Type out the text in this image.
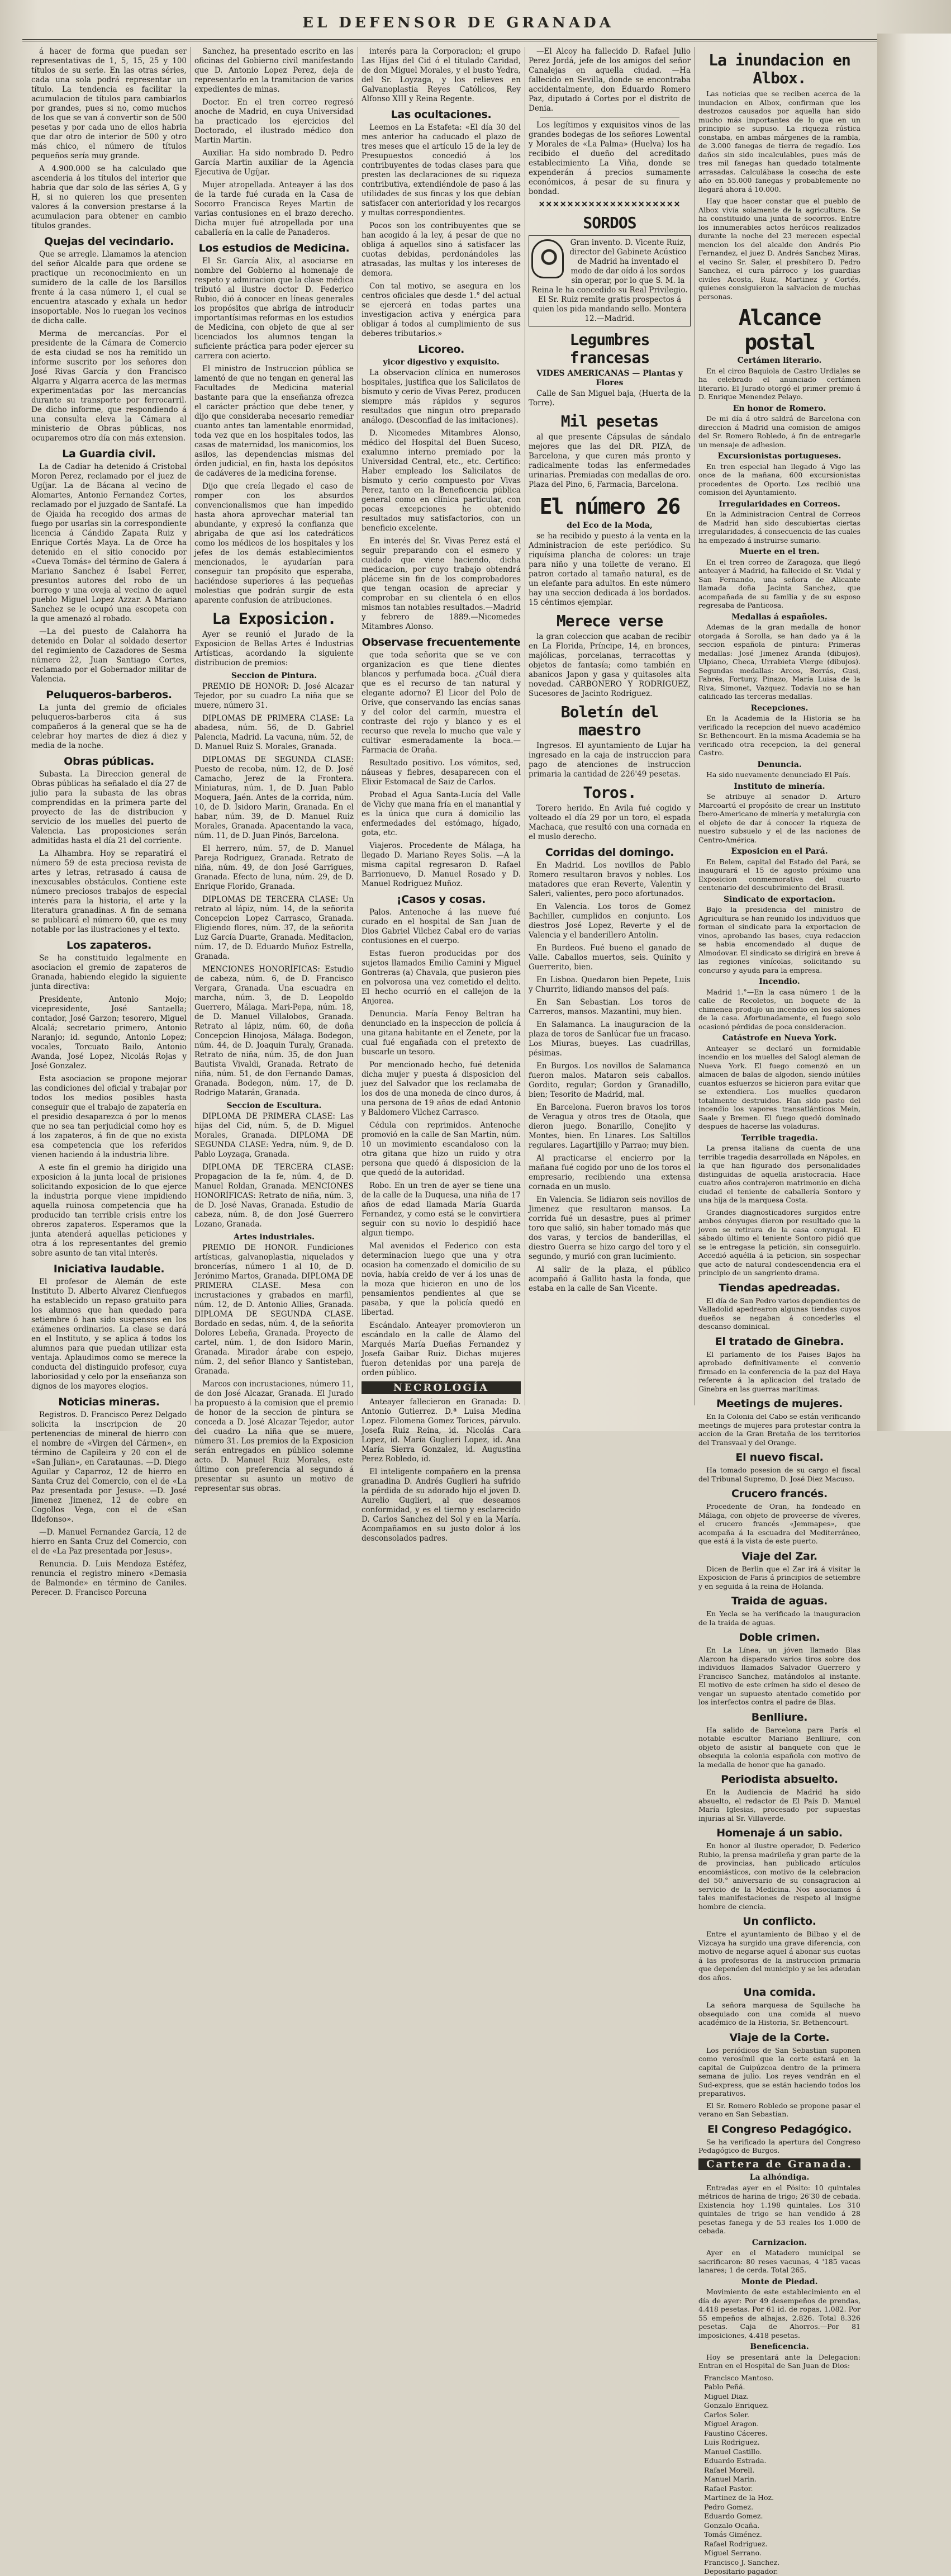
EL DEFENSOR DE GRANADA

á hacer de forma que puedan ser representativas de 1, 5, 15, 25 y 100 títulos de su serie. En las otras séries, cada una sola podrá representar un título. La tendencia es facilitar la acumulacion de títulos para cambiarlos por grandes, pues si no, como muchos de los que se van á convertir son de 500 pesetas y por cada uno de ellos habria que dar otro de interior de 500 y otro más chico, el número de títulos pequeños sería muy grande.

A 4.900.000 se ha calculado que ascenderia á los títulos del interior que habria que dar solo de las séries A, G y H, si no quieren los que presenten valores á la conversion prestarse á la acumulacion para obtener en cambio títulos grandes.

Quejas del vecindario.

Que se arregle. Llamamos la atencion del señor Alcalde para que ordene se practique un reconocimiento en un sumidero de la calle de los Barsillos frente á la casa número 1, el cual se encuentra atascado y exhala un hedor insoportable. Nos lo ruegan los vecinos de dicha calle.

Merma de mercancías. Por el presidente de la Cámara de Comercio de esta ciudad se nos ha remitido un informe suscrito por los señores don José Rivas García y don Francisco Algarra y Algarra acerca de las mermas experimentadas por las mercancías durante su transporte por ferrocarril. De dicho informe, que respondiendo á una consulta eleva la Cámara al ministerio de Obras públicas, nos ocuparemos otro día con más extension.

La Guardia civil.

La de Cadiar ha detenido á Cristobal Moron Perez, reclamado por el juez de Ugíjar. La de Bácana al vecino de Alomartes, Antonio Fernandez Cortes, reclamado por el juzgado de Santafé. La de Ojaida ha recogido dos armas de fuego por usarlas sin la correspondiente licencia á Cándido Zapata Ruiz y Enrique Cortés Maya. La de Orce ha detenido en el sitio conocido por «Cueva Tomás» del término de Galera á Mariano Sanchez é Isabel Ferrer, presuntos autores del robo de un borrego y una oveja al vecino de aquel pueblo Miguel Lopez Azzar. A Mariano Sanchez se le ocupó una escopeta con la que amenazó al robado.

—La del puesto de Calahorra ha detenido en Dolar al soldado desertor del regimiento de Cazadores de Sesma número 22, Juan Santiago Cortes, reclamado por el Gobernador militar de Valencia.

Peluqueros-barberos.

La junta del gremio de oficiales peluqueros-barberos cita á sus compañeros á la general que se ha de celebrar hoy martes de diez á diez y media de la noche.

Obras públicas.

Subasta. La Direccion general de Obras públicas ha señalado el día 27 de julio para la subasta de las obras comprendidas en la primera parte del proyecto de las de distribucion y servicio de los muelles del puerto de Valencia. Las proposiciones serán admitidas hasta el día 21 del corriente.

La Alhambra. Hoy se reparatirá el número 59 de esta preciosa revista de artes y letras, retrasado á causa de inexcusables obstáculos. Contiene este número preciosos trabajos de especial interés para la historia, el arte y la literatura granadinas. A fin de semana se publicará el número 60, que es muy notable por las ilustraciones y el texto.

Los zapateros.

Se ha constituido legalmente en asociacion el gremio de zapateros de Granada, habiendo elegido la siguiente junta directiva:

Presidente, Antonio Mojo; vicepresidente, José Santaella; contador, José Garzon; tesorero, Miguel Alcalá; secretario primero, Antonio Naranjo; id. segundo, Antonio Lopez; vocales, Torcuato Bailo, Antonio Avanda, José Lopez, Nicolás Rojas y José Gonzalez.

Esta asociacion se propone mejorar las condiciones del oficial y trabajar por todos los medios posibles hasta conseguir que el trabajo de zapatería en el presidio desaparezca ó por lo menos que no sea tan perjudicial como hoy es á los zapateros, á fin de que no exista esa competencia que los referidos vienen haciendo á la industria libre.

A este fin el gremio ha dirigido una exposicion á la junta local de prisiones solicitando exposicion de lo que ejerce la industria porque viene impidiendo aquella ruinosa competencia que ha producido tan terrible crisis entre los obreros zapateros. Esperamos que la junta atenderá aquellas peticiones y otra á los representantes del gremio sobre asunto de tan vital interés.

Iniciativa laudable.

El profesor de Alemán de este Instituto D. Alberto Alvarez Cienfuegos ha establecido un repaso gratuito para los alumnos que han quedado para setiembre ó han sido suspensos en los exámenes ordinarios. La clase se dará en el Instituto, y se aplica á todos los alumnos para que puedan utilizar esta ventaja. Aplaudimos como se merece la conducta del distinguido profesor, cuya laboriosidad y celo por la enseñanza son dignos de los mayores elogios.

Noticias mineras.

Registros. D. Francisco Perez Delgado solicita la inscripcion de 20 pertenencias de mineral de hierro con el nombre de «Virgen del Cármen», en término de Capileira y 20 con el de «San Julian», en Carataunas. —D. Diego Aguilar y Caparroz, 12 de hierro en Santa Cruz del Comercio, con el de «La Paz presentada por Jesus». —D. José Jimenez Jimenez, 12 de cobre en Cogollos Vega, con el de «San Ildefonso».

—D. Manuel Fernandez García, 12 de hierro en Santa Cruz del Comercio, con el de «La Paz presentada por Jesus».

Renuncia. D. Luis Mendoza Estéfez, renuncia el registro minero «Demasia de Balmonde» en término de Caniles. Perecer. D. Francisco Porcuna

Sanchez, ha presentado escrito en las oficinas del Gobierno civil manifestando que D. Antonio Lopez Perez, deja de representarlo en la tramitacion de varios expedientes de minas.

Doctor. En el tren correo regresó anoche de Madrid, en cuya Universidad ha practicado los ejercicios del Doctorado, el ilustrado médico don Martin Martin.

Auxiliar. Ha sido nombrado D. Pedro García Martin auxiliar de la Agencia Ejecutiva de Ugíjar.

Mujer atropellada. Anteayer á las dos de la tarde fué curada en la Casa de Socorro Francisca Reyes Martin de varias contusiones en el brazo derecho. Dicha mujer fué atropellada por una caballería en la calle de Panaderos.

Los estudios de Medicina.

El Sr. García Alix, al asociarse en nombre del Gobierno al homenaje de respeto y admiracion que la clase médica tributó al ilustre doctor D. Federico Rubio, dió á conocer en líneas generales los propósitos que abriga de introducir importantísimas reformas en los estudios de Medicina, con objeto de que al ser licenciados los alumnos tengan la suficiente práctica para poder ejercer su carrera con acierto.

El ministro de Instruccion pública se lamentó de que no tengan en general las Facultades de Medicina material bastante para que la enseñanza ofrezca el carácter práctico que debe tener, y dijo que consideraba necesario remediar cuanto antes tan lamentable enormidad, toda vez que en los hospitales todos, las casas de maternidad, los manicomios, los asilos, las dependencias mismas del órden judicial, en fin, hasta los depósitos de cadáveres de la medicina forense.

Dijo que creía llegado el caso de romper con los absurdos convencionalismos que han impedido hasta ahora aprovechar material tan abundante, y expresó la confianza que abrigaba de que así los catedráticos como los médicos de los hospitales y los jefes de los demás establecimientos mencionados, le ayudarían para conseguir tan propósito que esperaba, haciéndose superiores á las pequeñas molestias que podrán surgir de esta aparente confusion de atribuciones.

La Exposicion.

Ayer se reunió el Jurado de la Exposicion de Bellas Artes é Industrias Artísticas, acordando la siguiente distribucion de premios:

Seccion de Pintura.

PREMIO DE HONOR: D. José Alcazar Tejedor, por su cuadro La niña que se muere, número 31.

DIPLOMAS DE PRIMERA CLASE: La abadesa, núm. 56, de D. Gabriel Palencia, Madrid. La vacuna, núm. 52, de D. Manuel Ruiz S. Morales, Granada.

DIPLOMAS DE SEGUNDA CLASE: Puesto de recoba, núm. 12, de D. José Camacho, Jerez de la Frontera. Miniaturas, núm. 1, de D. Juan Pablo Moquera, Jaén. Antes de la corrida, núm. 10, de D. Isidoro Marin, Granada. En el habar, núm. 39, de D. Manuel Ruiz Morales, Granada. Apacentando la vaca, núm. 11, de D. Juan Pinós, Barcelona.

El herrero, núm. 57, de D. Manuel Pareja Rodriguez, Granada. Retrato de niña, núm. 49, de don José Garrigues, Granada. Efecto de luna, núm. 29, de D. Enrique Florido, Granada.

DIPLOMAS DE TERCERA CLASE: Un retrato al lápiz, núm. 14, de la señorita Concepcion Lopez Carrasco, Granada. Eligiendo flores, núm. 37, de la señorita Luz García Duarte, Granada. Meditacion, núm. 17, de D. Eduardo Muñoz Estrella, Granada.

MENCIONES HONORÍFICAS: Estudio de cabeza, núm. 6, de D. Francisco Vergara, Granada. Una escuadra en marcha, núm. 3, de D. Leopoldo Guerrero, Málaga. Mari-Pepa, núm. 18, de D. Manuel Villalobos, Granada. Retrato al lápiz, núm. 60, de doña Concepcion Hinojosa, Málaga. Bodegon, núm. 44, de D. Joaquin Turaly, Granada. Retrato de niña, núm. 35, de don Juan Bautista Vivaldi, Granada. Retrato de niña, núm. 51, de don Fernando Damas, Granada. Bodegon, núm. 17, de D. Rodrigo Matarán, Granada.

Seccion de Escultura.

DIPLOMA DE PRIMERA CLASE: Las hijas del Cid, núm. 5, de D. Miguel Morales, Granada. DIPLOMA DE SEGUNDA CLASE: Yedra, núm. 9, de D. Pablo Loyzaga, Granada.

DIPLOMA DE TERCERA CLASE: Propagacion de la fe, núm. 4, de D. Manuel Roldan, Granada. MENCIONES HONORÍFICAS: Retrato de niña, núm. 3, de D. José Navas, Granada. Estudio de cabeza, núm. 8, de don José Guerrero Lozano, Granada.

Artes industriales.

PREMIO DE HONOR. Fundiciones artísticas, galvanoplastia, niquelados y broncerías, número 1 al 10, de D. Jerónimo Martos, Granada. DIPLOMA DE PRIMERA CLASE. Mesa con incrustaciones y grabados en marfil, núm. 12, de D. Antonio Allies, Granada. DIPLOMA DE SEGUNDA CLASE. Bordado en sedas, núm. 4, de la señorita Dolores Lebeña, Granada. Proyecto de cartel, núm. 1, de don Isidoro Marin, Granada. Mirador árabe con espejo, núm. 2, del señor Blanco y Santisteban, Granada.

Marcos con incrustaciones, número 11, de don José Alcazar, Granada. El Jurado ha propuesto á la comision que el premio de honor de la seccion de pintura se conceda a D. José Alcazar Tejedor, autor del cuadro La niña que se muere, número 31. Los premios de la Exposicion serán entregados en público solemne acto. D. Manuel Ruiz Morales, este último con preferencia al segundo á presentar su asunto un motivo de representar sus obras.

interés para la Corporacion; el grupo Las Hijas del Cid ó el titulado Caridad, de don Miguel Morales, y el busto Yedra, del Sr. Loyzaga, y los relieves en Galvanoplastia Reyes Católicos, Rey Alfonso XIII y Reina Regente.

Las ocultaciones.

Leemos en La Estafeta: «El día 30 del mes anterior ha caducado el plazo de tres meses que el artículo 15 de la ley de Presupuestos concedió á los contribuyentes de todas clases para que presten las declaraciones de su riqueza contributiva, extendiéndole de paso á las utilidades de sus fincas y los que debían satisfacer con anterioridad y los recargos y multas correspondientes.

Pocos son los contribuyentes que se han acogido á la ley, á pesar de que no obliga á aquellos sino á satisfacer las cuotas debidas, perdonándoles las atrasadas, las multas y los intereses de demora.

Con tal motivo, se asegura en los centros oficiales que desde 1.° del actual se ejercerá en todas partes una investigacion activa y enérgica para obligar á todos al cumplimiento de sus deberes tributarios.»

Licoreo.
yicor digestivo y exquisito.

La observacion clínica en numerosos hospitales, justifica que los Salicilatos de bismuto y cerio de Vivas Perez, producen siempre más rápidos y seguros resultados que ningun otro preparado análogo. (Desconfíad de las imitaciones).

D. Nicomedes Mitambres Alonso, médico del Hospital del Buen Suceso, exalumno interno premiado por la Universidad Central, etc., etc. Certifico: Haber empleado los Salicilatos de bismuto y cerio compuesto por Vivas Perez, tanto en la Beneficencia pública general como en clínica particular, con pocas excepciones he obtenido resultados muy satisfactorios, con un beneficio excelente.

En interés del Sr. Vivas Perez está el seguir preparando con el esmero y cuidado que viene haciendo, dicha medicacion, por cuyo trabajo obtendrá pláceme sin fin de los comprobadores que tengan ocasion de apreciar y comprobar en su clientela ó en ellos mismos tan notables resultados.—Madrid y febrero de 1889.—Nicomedes Mitambres Alonso.

Observase frecuentemente

que toda señorita que se ve con organizacion es que tiene dientes blancos y perfumada boca. ¿Cuál diera que es el recurso de tan natural y elegante adorno? El Licor del Polo de Orive, que conservando las encías sanas y del color del carmín, muestra el contraste del rojo y blanco y es el recurso que revela lo mucho que vale y cultivar esmeradamente la boca.—Farmacia de Oraña.

Resultado positivo. Los vómitos, sed, náuseas y fiebres, desaparecen con el Elixir Estomacal de Saiz de Carlos.

Probad el Agua Santa-Lucía del Valle de Vichy que mana fría en el manantial y es la única que cura á domicilio las enfermedades del estómago, hígado, gota, etc.

Viajeros. Procedente de Málaga, ha llegado D. Mariano Reyes Solis. —A la misma capital regresaron D. Rafael Barrionuevo, D. Manuel Rosado y D. Manuel Rodriguez Muñoz.

¡Casos y cosas.

Palos. Antenoche á las nueve fué curado en el hospital de San Juan de Dios Gabriel Vilchez Cabal ero de varias contusiones en el cuerpo.

Estas fueron producidas por dos sujetos llamados Emilio Camini y Miguel Gontreras (a) Chavala, que pusieron pies en polvorosa una vez cometido el delito. El hecho ocurrió en el callejon de la Anjorea.

Denuncia. María Fenoy Beltran ha denunciado en la inspeccion de policía á una gitana habitante en el Zenete, por la cual fué engañada con el pretexto de buscarle un tesoro.

Por mencionado hecho, fué detenida dicha mujer y puesta á disposicion del juez del Salvador que los reclamaba de los dos de una moneda de cinco duros, á una persona de 19 años de edad Antonio y Baldomero Vilchez Carrasco.

Cédula con reprimidos. Antenoche promovió en la calle de San Martin, núm. 10 un movimiento escandaloso con la otra gitana que hizo un ruido y otra persona que quedó á disposicion de la que quedó de la autoridad.

Robo. En un tren de ayer se tiene una de la calle de la Duquesa, una niña de 17 años de edad llamada María Guarda Fernandez, y como está se le convirtiera seguir con su novio lo despidió hace algun tiempo.

Mal avenidos el Federico con esta determinacion luego que una y otra ocasion ha comenzado el domicilio de su novia, había creido de ver á los unas de la moza que hicieron en uno de los pensamientos pendientes al que se pasaba, y que la policía quedó en libertad.

Escándalo. Anteayer promovieron un escándalo en la calle de Álamo del Marqués María Dueñas Fernandez y Josefa Gaibar Ruiz. Dichas mujeres fueron detenidas por una pareja de orden público.

NECROLOGÍA

Anteayer fallecieron en Granada: D. Antonio Gutierrez. D.ª Luisa Medina Lopez. Filomena Gomez Torices, párvulo. Josefa Ruiz Reina, id. Nicolás Cara Lopez, id. María Guglieri Lopez, id. Ana María Sierra Gonzalez, id. Augustina Perez Robledo, id.

El inteligente compañero en la prensa granadina D. Andrés Guglieri ha sufrido la pérdida de su adorado hijo el joven D. Aurelio Guglieri, al que deseamos conformidad, y es el tierno y esclarecido D. Carlos Sanchez del Sol y en la María. Acompañamos en su justo dolor á los desconsolados padres.

—El Alcoy ha fallecido D. Rafael Julio Perez Jordá, jefe de los amigos del señor Canalejas en aquella ciudad. —Ha fallecido en Sevilla, donde se encontraba accidentalmente, don Eduardo Romero Paz, diputado á Cortes por el distrito de Denia.

Los legítimos y exquisitos vinos de las grandes bodegas de los señores Lowental y Morales de «La Palma» (Huelva) los ha recibido el dueño del acreditado establecimiento La Viña, donde se expenderán á precios sumamente económicos, á pesar de su finura y bondad.

✕✕✕✕✕✕✕✕✕✕✕✕✕✕✕✕✕✕✕✕
SORDOS
Gran invento. D. Vicente Ruiz, director del Gabinete Acústico de Madrid ha inventado el modo de dar oído á los sordos sin operar, por lo que S. M. la Reina le ha concedido su Real Privilegio. El Sr. Ruiz remite gratis prospectos á quien los pida mandando sello. Montera 12.—Madrid.
Legumbres francesas
VIDES AMERICANAS — Plantas y Flores

Calle de San Miguel baja, (Huerta de la Torre).

Mil pesetas

al que presente Cápsulas de sándalo mejores que las del DR. PIZÁ, de Barcelona, y que curen más pronto y radicalmente todas las enfermedades urinarias. Premiadas con medallas de oro. Plaza del Pino, 6, Farmacia, Barcelona.

El número 26
del Eco de la Moda,

se ha recibido y puesto á la venta en la Administracion de este periódico. Su riquísima plancha de colores: un traje para niño y una toilette de verano. El patron cortado al tamaño natural, es de un elefante para adultos. En este número hay una seccion dedicada á los bordados. 15 céntimos ejemplar.

Merece verse

la gran coleccion que acaban de recibir en La Florida, Príncipe, 14, en bronces, majólicas, porcelanas, terracottas y objetos de fantasía; como también en abanicos Japon y gasa y quitasoles alta novedad. CARBONERO Y RODRIGUEZ, Sucesores de Jacinto Rodriguez.

Boletín del maestro

Ingresos. El ayuntamiento de Lujar ha ingresado en la caja de instruccion para pago de atenciones de instruccion primaria la cantidad de 226'49 pesetas.

Toros.

Torero herido. En Avila fué cogido y volteado el día 29 por un toro, el espada Machaca, que resultó con una cornada en el muslo derecho.

Corridas del domingo.

En Madrid. Los novillos de Pablo Romero resultaron bravos y nobles. Los matadores que eran Reverte, Valentin y Saleri, valientes, pero poco afortunados.

En Valencia. Los toros de Gomez Bachiller, cumplidos en conjunto. Los diestros José Lopez, Reverte y el de Valencia y el banderillero Antolin.

En Burdeos. Fué bueno el ganado de Valle. Caballos muertos, seis. Quinito y Guerrerito, bien.

En Lisboa. Quedaron bien Pepete, Luis y Churrito, lidiando mansos del país.

En San Sebastian. Los toros de Carreros, mansos. Mazantini, muy bien.

En Salamanca. La inauguracion de la plaza de toros de Sanlúcar fue un fracaso. Los Miuras, bueyes. Las cuadrillas, pésimas.

En Burgos. Los novillos de Salamanca fueron malos. Mataron seis caballos. Gordito, regular; Gordon y Granadillo, bien; Tesorito de Madrid, mal.

En Barcelona. Fueron bravos los toros de Veragua y otros tres de Otaola, que dieron juego. Bonarillo, Conejito y Montes, bien. En Linares. Los Saltillos regulares. Lagartijillo y Parrao; muy bien.

Al practicarse el encierro por la mañana fué cogido por uno de los toros el empresario, recibiendo una extensa cornada en un muslo.

En Valencia. Se lidiaron seis novillos de Jimenez que resultaron mansos. La corrida fué un desastre, pues al primer toro que salió, sin haber tomado más que dos varas, y tercios de banderillas, el diestro Guerra se hizo cargo del toro y el segundo, y murió con gran lucimiento.

Al salir de la plaza, el público acompañó á Gallito hasta la fonda, que estaba en la calle de San Vicente.

La inundacion en Albox.

Las noticias que se reciben acerca de la inundacion en Albox, confirman que los destrozos causados por aquella han sido mucho más importantes de lo que en un principio se supuso. La riqueza rústica constaba, en ambas márgenes de la rambla, de 3.000 fanegas de tierra de regadío. Los daños sin sido incalculables, pues más de tres mil fanegas han quedado totalmente arrasadas. Calculábase la cosecha de este año en 55.000 fanegas y probablemente no llegará ahora á 10.000.

Hay que hacer constar que el pueblo de Albox vivía solamente de la agricultura. Se ha constituido una junta de socorros. Entre los innumerables actos heróicos realizados durante la noche del 23 merecen especial mencion los del alcalde don Andrés Pio Fernandez, el juez D. Andrés Sanchez Miras, el vecino Sr. Saler, el presbítero D. Pedro Sanchez, el cura párroco y los guardias civiles Acosta, Ruiz, Martinez y Cortés, quienes consiguieron la salvacion de muchas personas.

Alcance postal
Certámen literario.

En el circo Baquiola de Castro Urdiales se ha celebrado el anunciado certámen literario. El Jurado otorgó el primer premio á D. Enrique Menendez Pelayo.

En honor de Romero.

De mi día á otro saldrá de Barcelona con direccion á Madrid una comision de amigos del Sr. Romero Robledo, á fin de entregarle un mensaje de adhesion.

Excursionistas portugueses.

En tren especial han llegado á Vigo las once de la mañana, 600 excursionistas procedentes de Oporto. Los recibió una comision del Ayuntamiento.

Irregularidades en Correos.

En la Administracion Central de Correos de Madrid han sido descubiertas ciertas irregularidades, á consecuencia de las cuales ha empezado á instruirse sumario.

Muerte en el tren.

En el tren correo de Zaragoza, que llegó anteayer á Madrid, ha fallecido el Sr. Vidal y San Fernando, una señora de Alicante llamada doña Jacinta Sanchez, que acompañada de su familia y de su esposo regresaba de Panticosa.

Medallas á españoles.

Ademas de la gran medalla de honor otorgada á Sorolla, se han dado ya á la seccion española de pintura: Primeras medallas: José Jimenez Aranda (dibujos), Ulpiano, Checa, Urrabieta Vierge (dibujos). Segundas medallas: Arcos, Borrás, Gusi, Fabrés, Fortuny, Pinazo, María Luisa de la Riva, Simonet, Vazquez. Todavía no se han calificado las terceras medallas.

Recepciones.

En la Academia de la Historia se ha verificado la recepcion del nuevo académico Sr. Bethencourt. En la misma Academia se ha verificado otra recepcion, la del general Castro.

Denuncia.

Ha sido nuevamente denunciado El País.

Instituto de minería.

Se atribuye al senador D. Arturo Marcoartú el propósito de crear un Instituto Ibero-Americano de minería y metalurgia con el objeto de dar á conocer la riqueza de nuestro subsuelo y el de las naciones de Centro-América.

Exposicion en el Pará.

En Belem, capital del Estado del Pará, se inaugurará el 15 de agosto próximo una Exposicion conmemorativa del cuarto centenario del descubrimiento del Brasil.

Sindicato de exportacion.

Bajo la presidencia del ministro de Agricultura se han reunido los individuos que forman el sindicato para la exportacion de vinos, aprobando las bases, cuya redaccion se habia encomendado al duque de Almodovar. El sindicato se dirigirá en breve á las regiones vinícolas, solicitando su concurso y ayuda para la empresa.

Incendio.

Madrid 1.°—En la casa número 1 de la calle de Recoletos, un boquete de la chimenea produjo un incendio en los salones de la casa. Afortunadamente, el fuego solo ocasionó pérdidas de poca consideracion.

Catástrofe en Nueva York.

Anteayer se declaró un formidable incendio en los muelles del Salogl aleman de Nueva York. El fuego comenzó en un almacen de balas de algodon, siendo inútiles cuantos esfuerzos se hicieron para evitar que se extendiera. Los muelles quedaron totalmente destruidos. Han sido pasto del incendio los vapores transatlánticos Mein, Saale y Bremen. El fuego quedó dominado despues de hacerse las voladuras.

Terrible tragedia.

La prensa italiana da cuenta de una terrible tragedia desarrollada en Nápoles, en la que han figurado dos personalidades distinguidas de aquella aristocracia. Hace cuatro años contrajeron matrimonio en dicha ciudad el teniente de caballería Sontoro y una hija de la marquesa Costa.

Grandes diagnosticadores surgidos entre ambos cónyuges dieron por resultado que la joven se retirara de la casa conyugal. El sábado último el teniente Sontoro pidió que se le entregase la petición, sin conseguirlo. Accedió aquélla á la peticion, sin sospechar que acto de natural condescendencia era el principio de un sangriento drama.

Tiendas apedreadas.

El día de San Pedro varios dependientes de Valladolid apedrearon algunas tiendas cuyos dueños se negaban á concederles el descanso dominical.

El tratado de Ginebra.

El parlamento de los Paises Bajos ha aprobado definitivamente el convenio firmado en la conferencia de la paz del Haya referente á la aplicacion del tratado de Ginebra en las guerras marítimas.

Meetings de mujeres.

En la Colonia del Cabo se están verificando meetings de mujeres para protestar contra la accion de la Gran Bretaña de los territorios del Transvaal y del Orange.

El nuevo fiscal.

Ha tomado posesion de su cargo el fiscal del Tribunal Supremo, D. José Diez Macuso.

Crucero francés.

Procedente de Oran, ha fondeado en Málaga, con objeto de proveerse de víveres, el crucero francés «Jemmapes», que acompaña á la escuadra del Mediterráneo, que está á la vista de este puerto.

Viaje del Zar.

Dicen de Berlin que el Zar irá á visitar la Exposicion de Paris á principios de setiembre y en seguida á la reina de Holanda.

Traida de aguas.

En Yecla se ha verificado la inauguracion de la traida de aguas.

Doble crimen.

En La Línea, un jóven llamado Blas Alarcon ha disparado varios tiros sobre dos individuos llamados Salvador Guerrero y Francisco Sanchez, matándolos al instante. El motivo de este crímen ha sido el deseo de vengar un supuesto atentado cometido por los interfectos contra el padre de Blas.

Benlliure.

Ha salido de Barcelona para París el notable escultor Mariano Benlliure, con objeto de asistir al banquete con que le obsequia la colonia española con motivo de la medalla de honor que ha ganado.

Periodista absuelto.

En la Audiencia de Madrid ha sido absuelto, el redactor de El País D. Manuel María Iglesias, procesado por supuestas injurias al Sr. Villaverde.

Homenaje á un sabio.

En honor al ilustre operador, D. Federico Rubio, la prensa madrileña y gran parte de la de provincias, han publicado artículos encomiásticos, con motivo de la celebracion del 50.° aniversario de su consagracion al servicio de la Medicina. Nos asociamos á tales manifestaciones de respeto al insigne hombre de ciencia.

Un conflicto.

Entre el ayuntamiento de Bilbao y el de Vizcaya ha surgido una grave diferencia, con motivo de negarse aquel á abonar sus cuotas á las profesoras de la instruccion primaria que dependen del municipio y se les adeudan dos años.

Una comida.

La señora marquesa de Squilache ha obsequiado con una comida al nuevo académico de la Historia, Sr. Bethencourt.

Viaje de la Corte.

Los periódicos de San Sebastian suponen como verosímil que la corte estará en la capital de Guipúzcoa dentro de la primera semana de julio. Los reyes vendrán en el Sud-express, que se están haciendo todos los preparativos.

El Sr. Romero Robledo se propone pasar el verano en San Sebastian.

El Congreso Pedagógico.

Se ha verificado la apertura del Congreso Pedagógico de Burgos.

Cartera de Granada.
La alhóndiga.

Entradas ayer en el Pósito: 10 quintales métricos de harina de trigo; 26'30 de cebada. Existencia hoy 1.198 quintales. Los 310 quintales de trigo se han vendido á 28 pesetas fanega y de 53 reales los 1.000 de cebada.

Carnizacion.

Ayer en el Matadero municipal se sacrificaron: 80 reses vacunas, 4 '185 vacas lanares; 1 de cerda. Total 265.

Monte de Piedad.

Movimiento de este establecimiento en el día de ayer: Por 49 desempeños de prendas, 4.418 pesetas. Por 61 id. de ropas, 1.082. Por 55 empeños de alhajas, 2.826. Total 8.326 pesetas. Caja de Ahorros.—Por 81 imposiciones, 4.418 pesetas.

Beneficencia.

Hoy se presentará ante la Delegacion: Entran en el Hospital de San Juan de Dios:

Francisco Mantoso.

Pablo Peñá.

Miguel Diaz.

Gonzalo Enriquez.

Carlos Soler.

Miguel Aragon.

Faustino Cáceres.

Luis Rodriguez.

Manuel Castillo.

Eduardo Estrada.

Rafael Morell.

Manuel Marin.

Rafael Pastor.

Martinez de la Hoz.

Pedro Gomez.

Eduardo Gomez.

Gonzalo Ocaña.

Tomás Giménez.

Rafael Rodriguez.

Miguel Serrano.

Francisco J. Sanchez.

Depositario pagador.
